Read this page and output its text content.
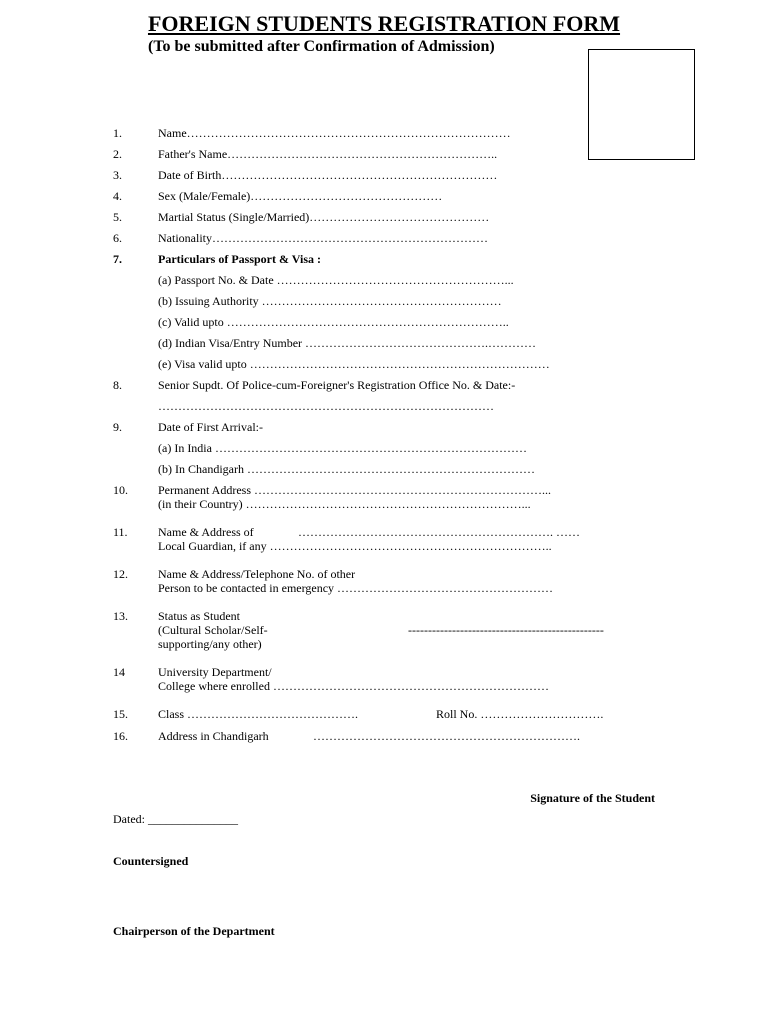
FOREIGN STUDENTS REGISTRATION FORM
(To be submitted after Confirmation of Admission)
1.	Name………………………………………………………………………
2.	Father's Name…………………………………………………………..
3.	Date of Birth……………………………………………………………
4.	Sex (Male/Female)…………………………………………
5.	Martial Status (Single/Married)………………………………………
6.	Nationality……………………………………………………………
7.	Particulars of Passport & Visa :
(a) Passport No. & Date …………………………………………………...
(b) Issuing Authority ……………………………………………………
(c) Valid upto ……………………………………………………………..
(d) Indian Visa/Entry Number ……………………………………….…………
(e) Visa valid upto …………………………………………………………………
8.	Senior Supdt. Of Police-cum-Foreigner's Registration Office No. & Date:-
…………………………………………………………………………
9.	Date of First Arrival:-
(a) In India ……………………………………………………………………
(b) In Chandigarh ………………………………………………………………
10.	Permanent Address ………………………………………………………………...
(in their Country) ……………………………………………………………...
11.	Name & Address of	………………………………………………………. ……
Local Guardian, if any ……………………………………………………………..
12.	Name & Address/Telephone No. of other
Person to be contacted in emergency ………………………………………………
13.	Status as Student
(Cultural Scholar/Self-	-------------------------------------------------
supporting/any other)
14	University Department/
College where enrolled ……………………………………………………………
15.	Class …………………………………….	Roll No. ………………………….
16.	Address in Chandigarh	………………………………………………………….
Signature of the Student
Dated: _______________
Countersigned
Chairperson of the Department
